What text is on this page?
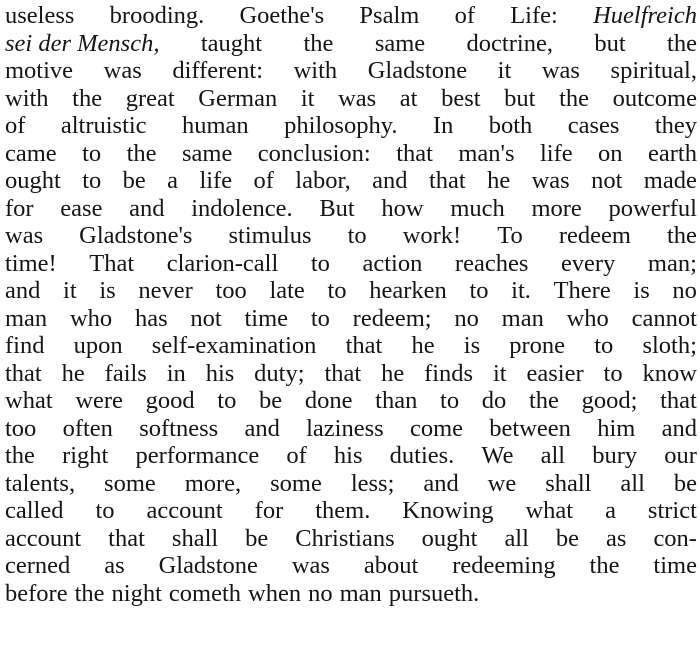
useless brooding. Goethe's Psalm of Life: Huelfreich
sei der Mensch, taught the same doctrine, but the
motive was different: with Gladstone it was spiritual,
with the great German it was at best but the outcome
of altruistic human philosophy. In both cases they
came to the same conclusion: that man's life on earth
ought to be a life of labor, and that he was not made
for ease and indolence. But how much more powerful
was Gladstone's stimulus to work! To redeem the
time! That clarion-call to action reaches every man;
and it is never too late to hearken to it. There is no
man who has not time to redeem; no man who cannot
find upon self-examination that he is prone to sloth;
that he fails in his duty; that he finds it easier to know
what were good to be done than to do the good; that
too often softness and laziness come between him and
the right performance of his duties. We all bury our
talents, some more, some less; and we shall all be
called to account for them. Knowing what a strict
account that shall be Christians ought all be as con-
cerned as Gladstone was about redeeming the time
before the night cometh when no man pursueth.
